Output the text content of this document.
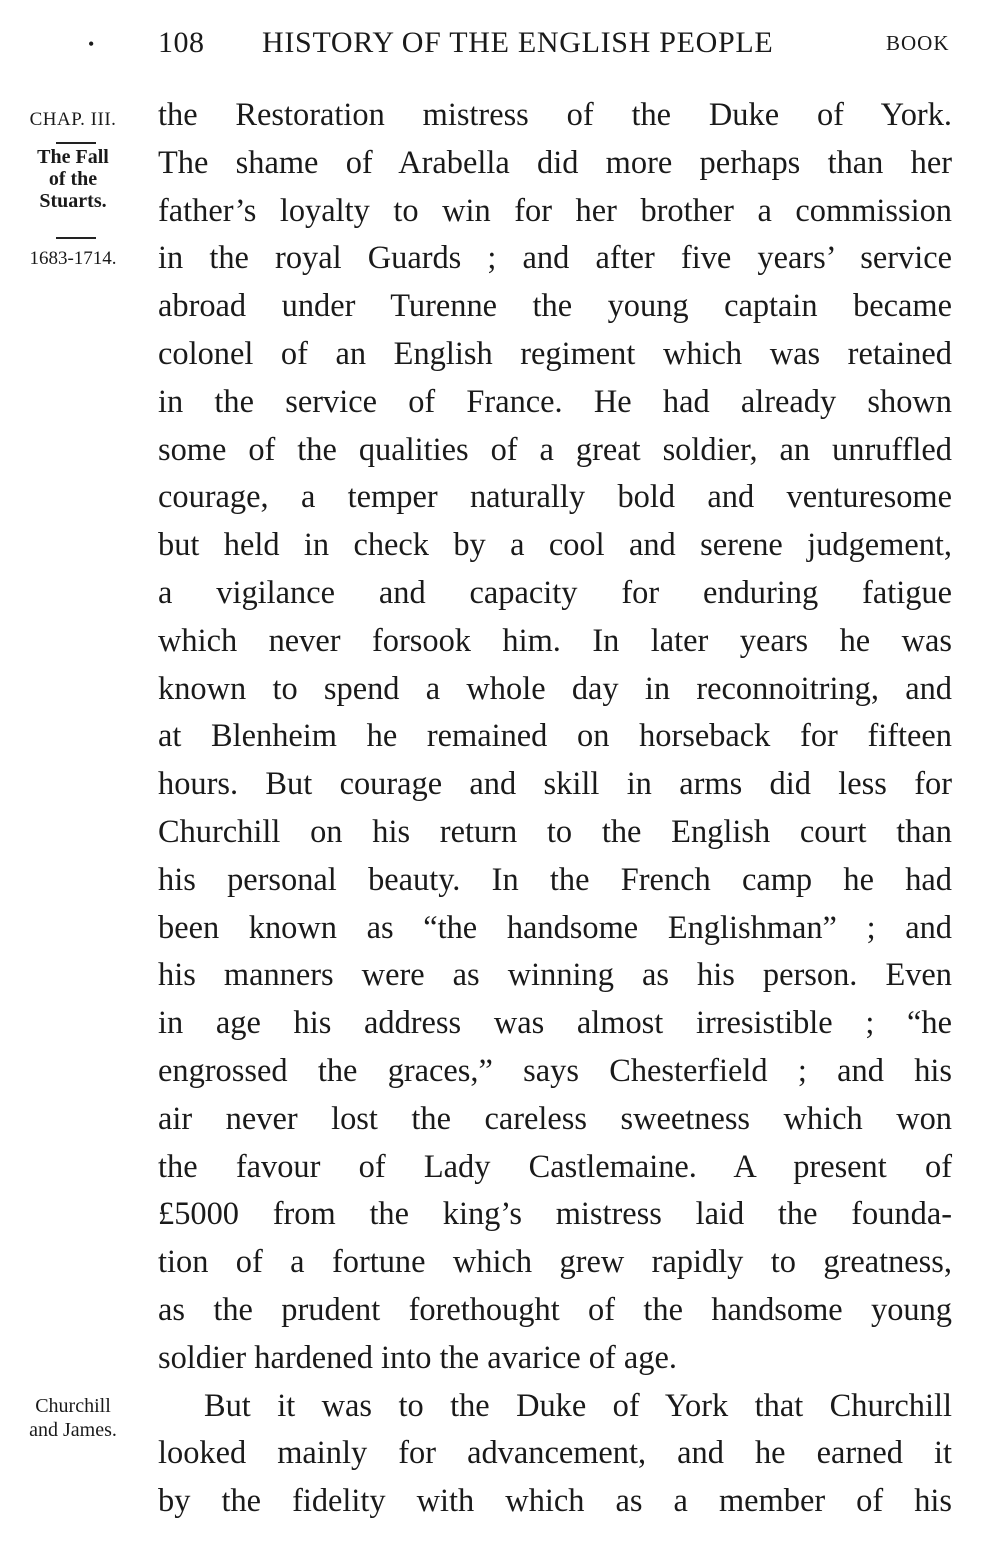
• 108 HISTORY OF THE ENGLISH PEOPLE	BOOK
CHAP. III.
The Fall
of the
Stuarts.
1683-1714.
Churchill
and James.
the Restoration mistress of the Duke of York.
The shame of Arabella did more perhaps than her
father’s loyalty to win for her brother a commission
in the royal Guards ; and after five years’ service
abroad under Turenne the young captain became
colonel of an English regiment which was retained
in the service of France. He had already shown
some of the qualities of a great soldier, an unruffled
courage, a temper naturally bold and venturesome
but held in check by a cool and serene judgement,
a vigilance and capacity for enduring fatigue
which never forsook him. In later years he was
known to spend a whole day in reconnoitring, and
at Blenheim he remained on horseback for fifteen
hours. But courage and skill in arms did less for
Churchill on his return to the English court than
his personal beauty. In the French camp he had
been known as “the handsome Englishman” ; and
his manners were as winning as his person. Even
in age his address was almost irresistible ; “he
engrossed the graces,” says Chesterfield ; and his
air never lost the careless sweetness which won
the favour of Lady Castlemaine. A present of
£5000 from the king’s mistress laid the founda-
tion of a fortune which grew rapidly to greatness,
as the prudent forethought of the handsome young
soldier hardened into the avarice of age.
But it was to the Duke of York that Churchill
looked mainly for advancement, and he earned it
by the fidelity with which as a member of his
